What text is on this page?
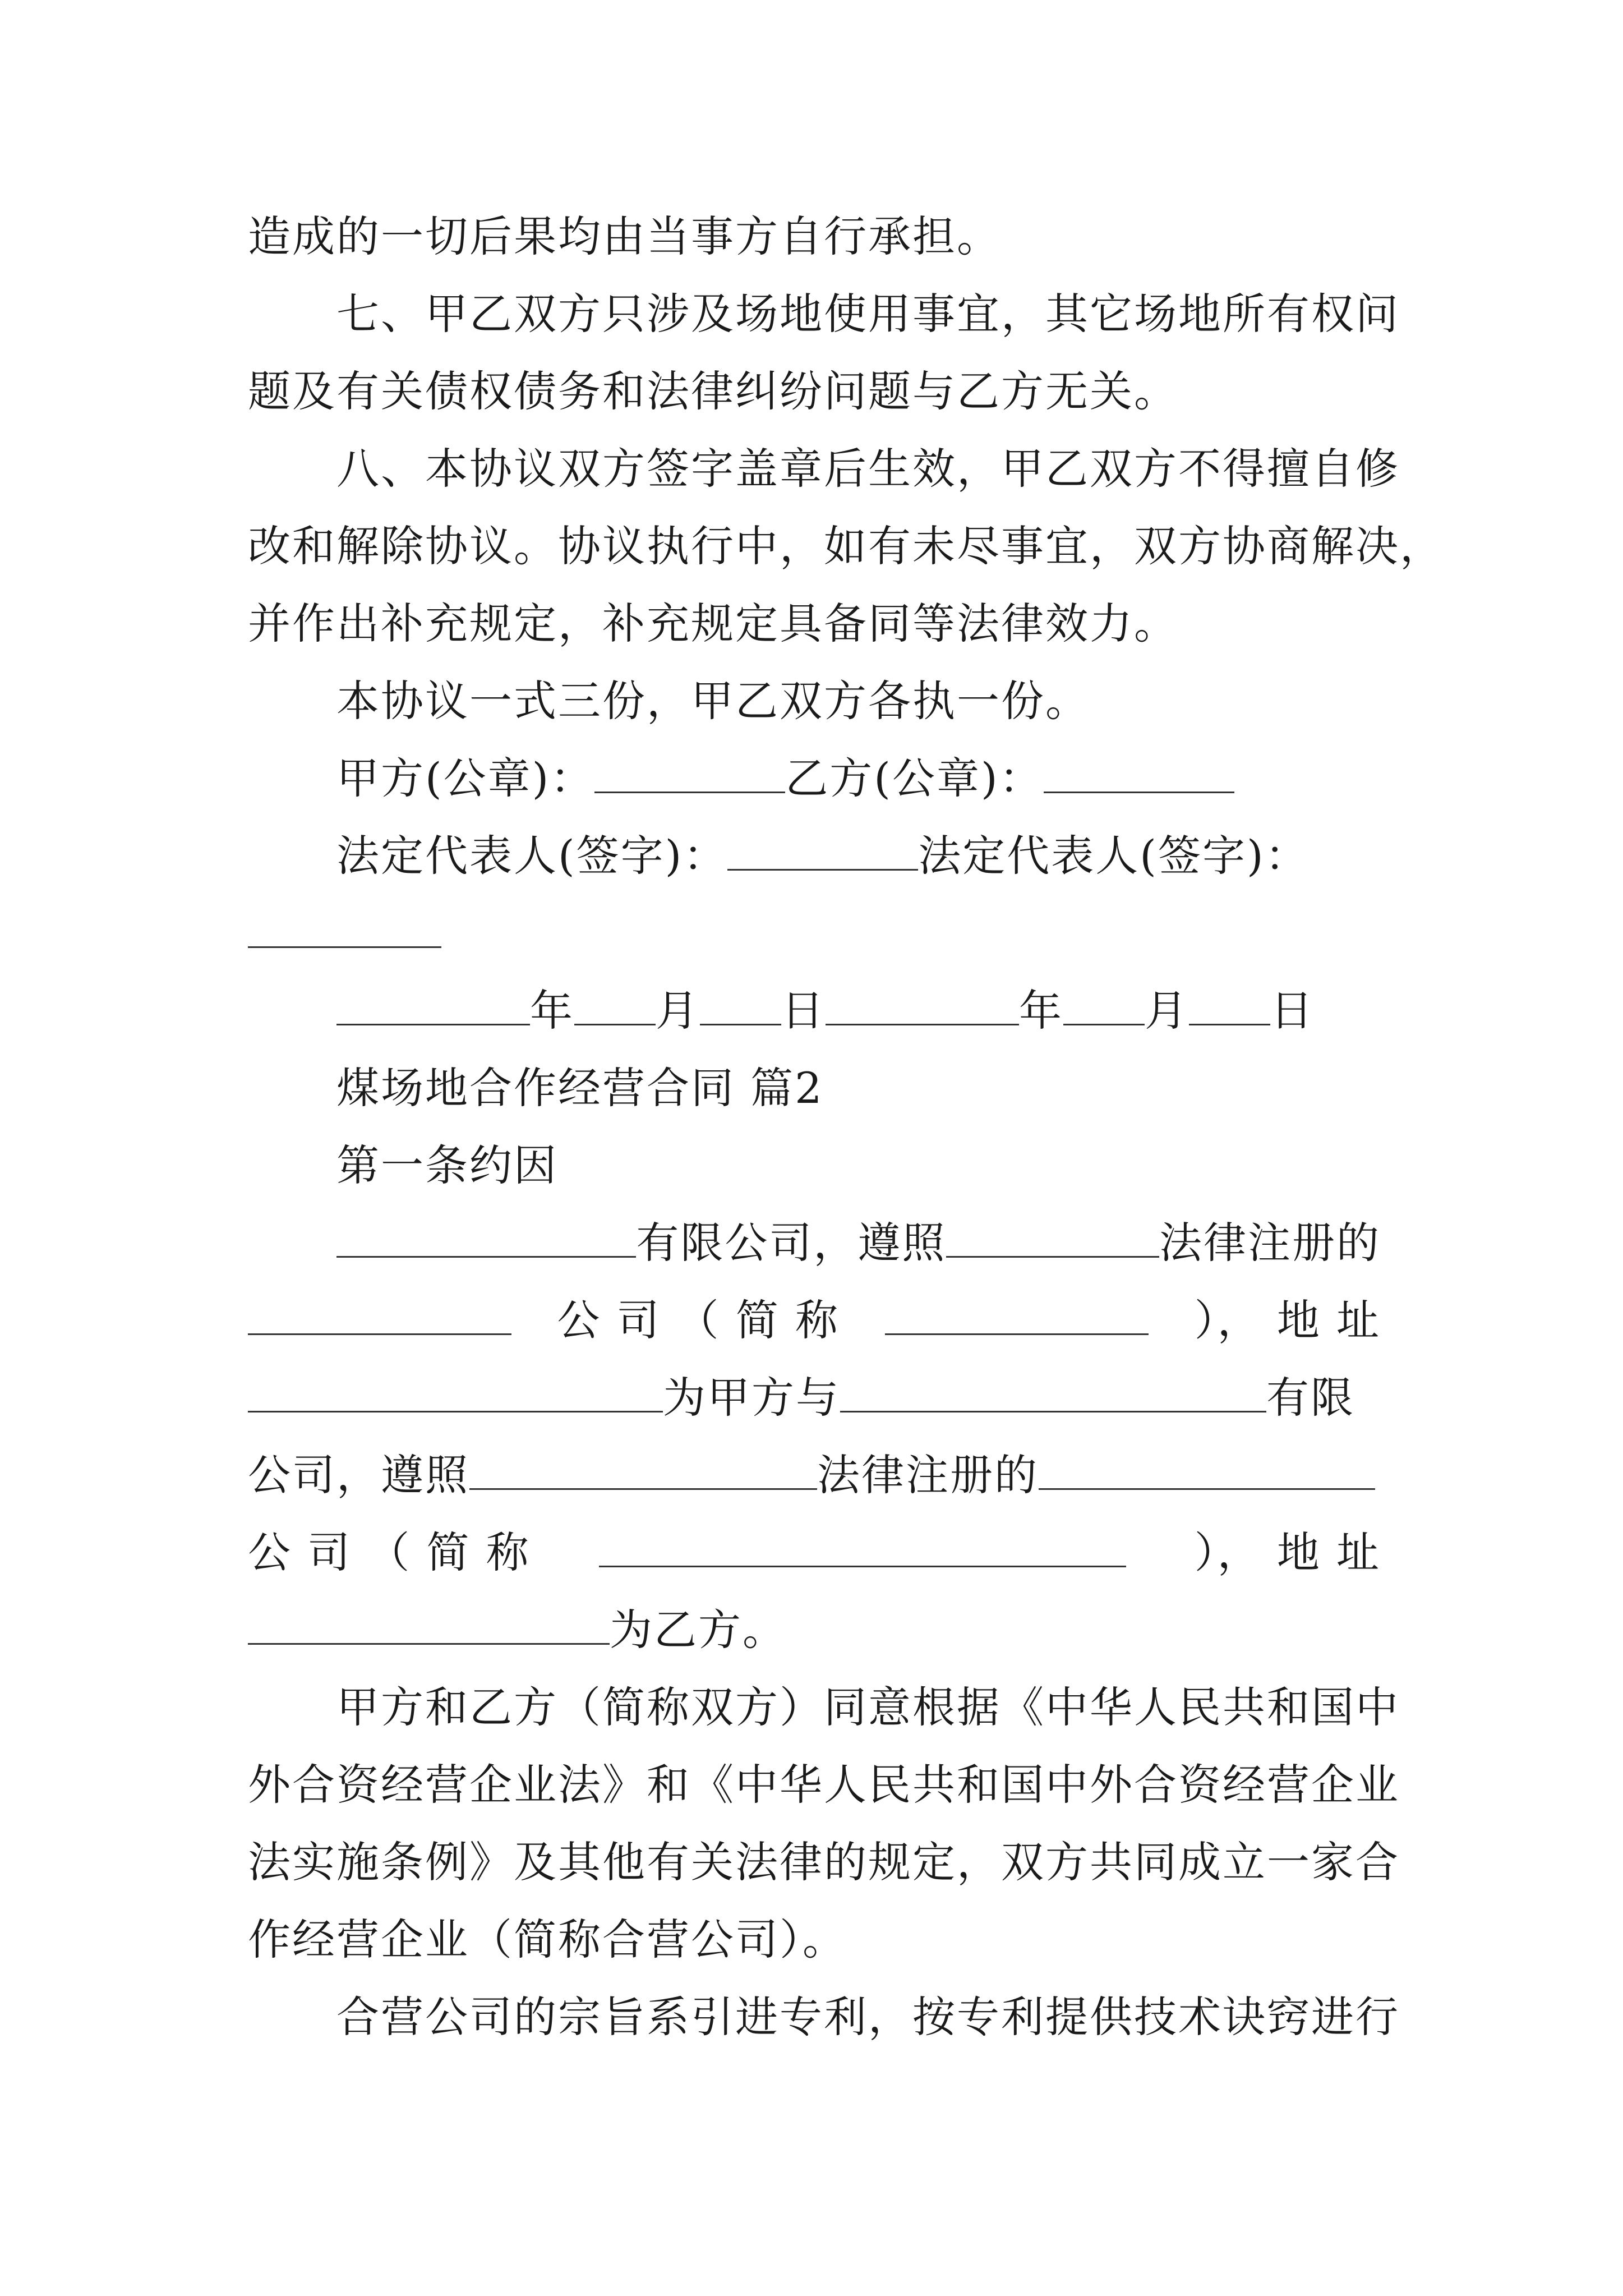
造成的一切后果均由当事方自行承担。
七、甲乙双方只涉及场地使用事宜，其它场地所有权问
题及有关债权债务和法律纠纷问题与乙方无关。
八、本协议双方签字盖章后生效，甲乙双方不得擅自修
改和解除协议。协议执行中，如有未尽事宜，双方协商解决，
并作出补充规定，补充规定具备同等法律效力。
本协议一式三份，甲乙双方各执一份。
甲方(公章)：	乙方(公章)：
法定代表人(签字)：	法定代表人(签字)：
年 月 日	年 月 日
煤场地合作经营合同 篇2
第一条约因
有限公司，遵照	法律注册的
公 司 （ 简 称	）， 地 址
为甲方与	有限
公司，遵照	法律注册的
公 司 （ 简 称	）， 地 址
为乙方。
甲方和乙方（简称双方）同意根据《中华人民共和国中
外合资经营企业法》和《中华人民共和国中外合资经营企业
法实施条例》及其他有关法律的规定，双方共同成立一家合
作经营企业（简称合营公司）。
合营公司的宗旨系引进专利，按专利提供技术诀窍进行
